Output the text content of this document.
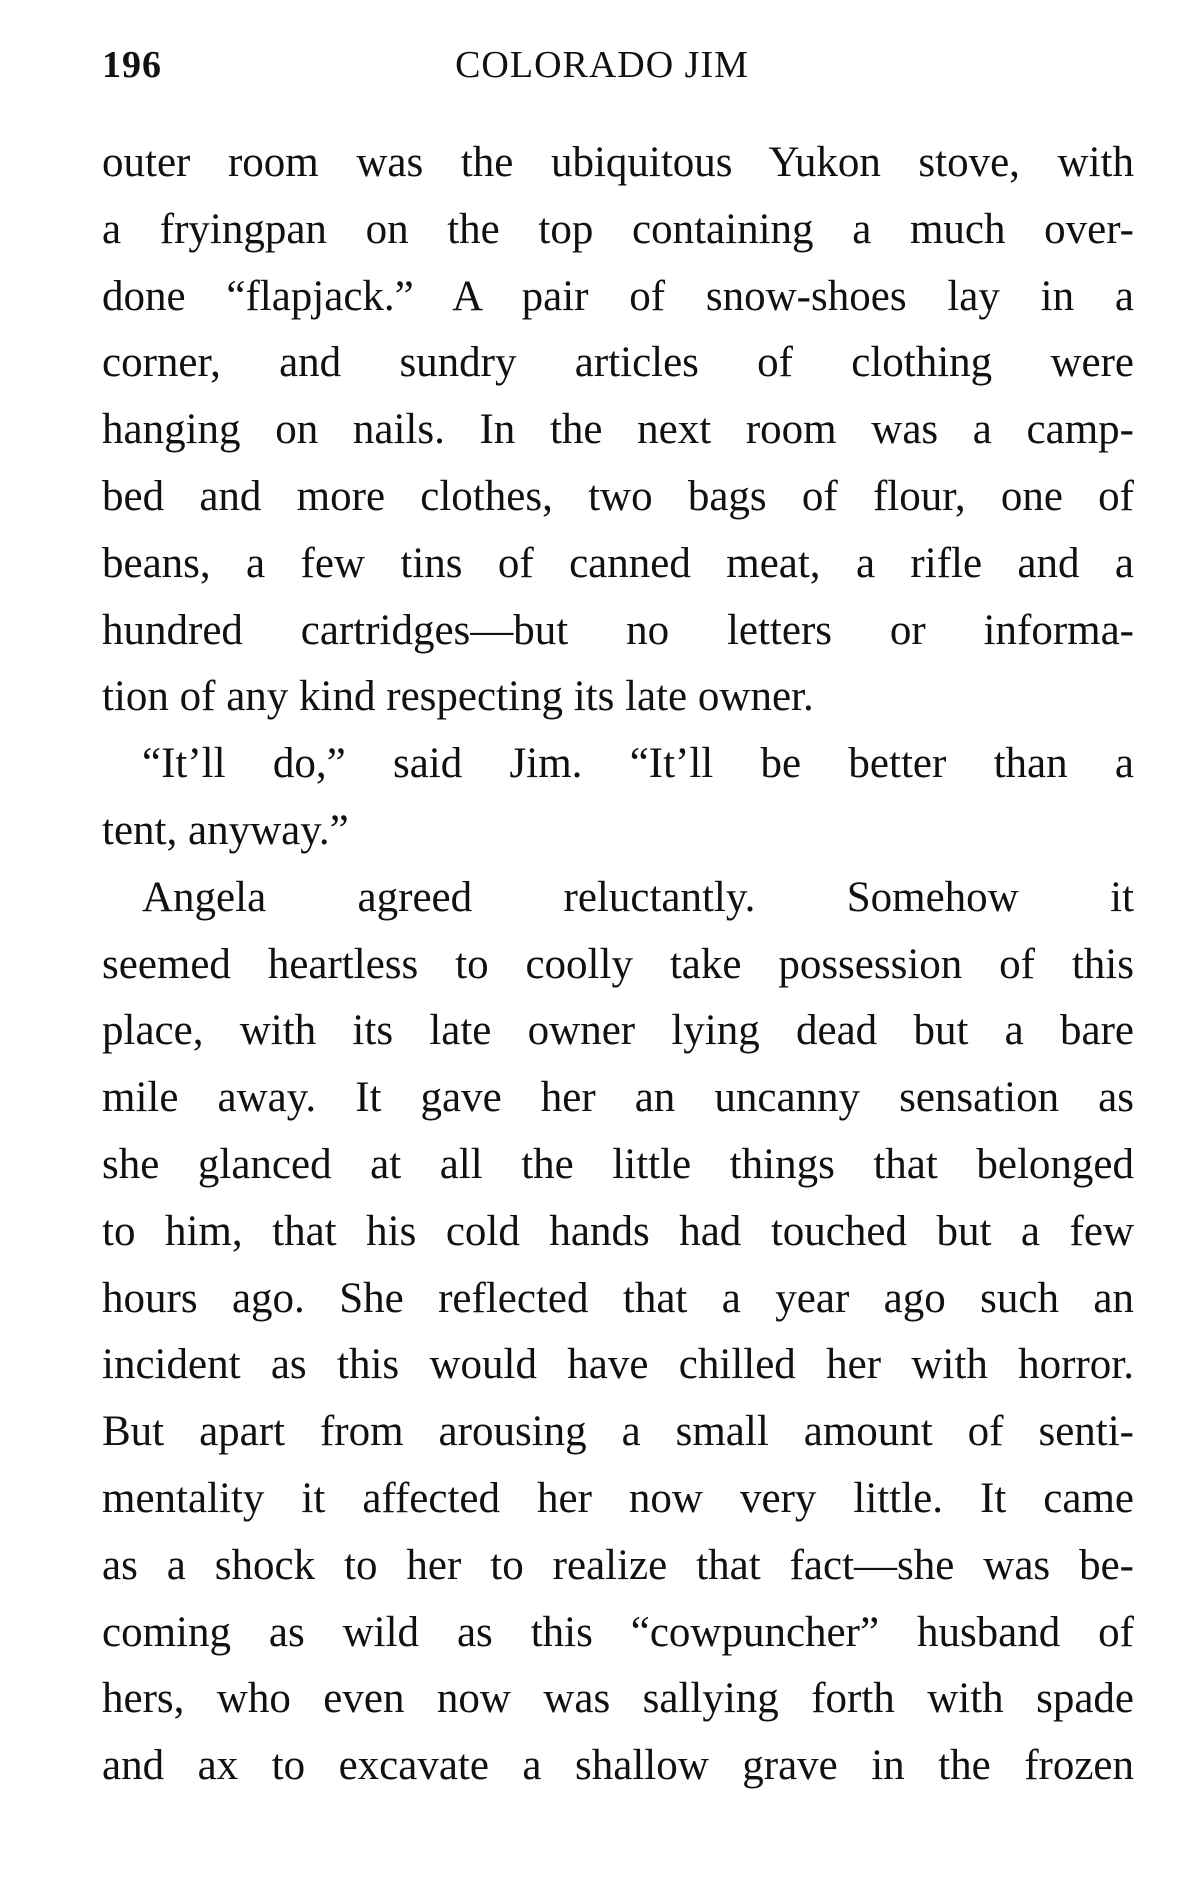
196	COLORADO JIM
outer room was the ubiquitous Yukon stove, with
a fryingpan on the top containing a much over-
done “flapjack.” A pair of snow-shoes lay in a
corner, and sundry articles of clothing were
hanging on nails. In the next room was a camp-
bed and more clothes, two bags of flour, one of
beans, a few tins of canned meat, a rifle and a
hundred cartridges—but no letters or informa-
tion of any kind respecting its late owner.
“It’ll do,” said Jim. “It’ll be better than a
tent, anyway.”
Angela agreed reluctantly. Somehow it
seemed heartless to coolly take possession of this
place, with its late owner lying dead but a bare
mile away. It gave her an uncanny sensation as
she glanced at all the little things that belonged
to him, that his cold hands had touched but a few
hours ago. She reflected that a year ago such an
incident as this would have chilled her with horror.
But apart from arousing a small amount of senti-
mentality it affected her now very little. It came
as a shock to her to realize that fact—she was be-
coming as wild as this “cowpuncher” husband of
hers, who even now was sallying forth with spade
and ax to excavate a shallow grave in the frozen
